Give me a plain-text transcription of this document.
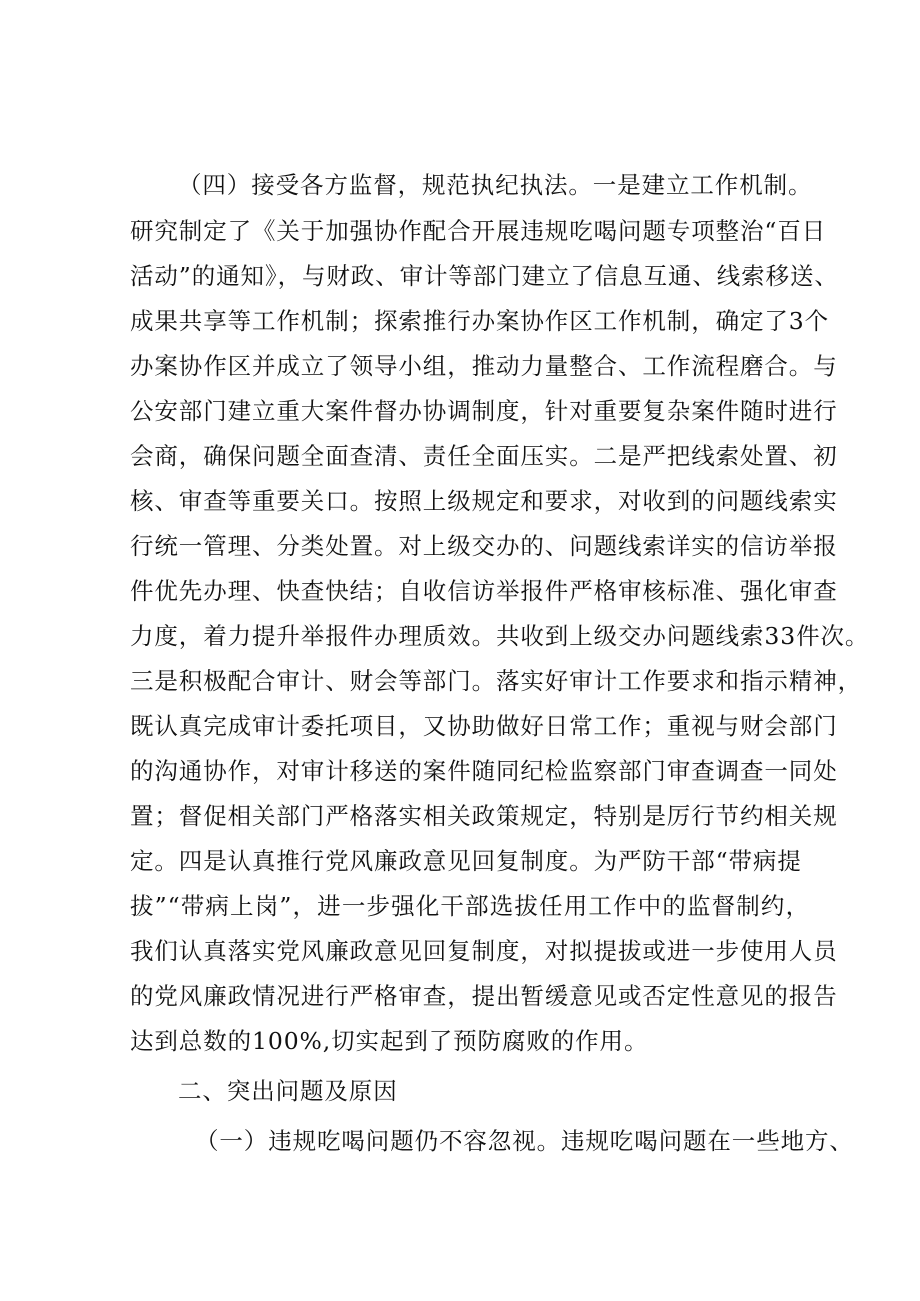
（四）接受各方监督，规范执纪执法。一是建立工作机制。
研究制定了《关于加强协作配合开展违规吃喝问题专项整治“百日
活动”的通知》，与财政、审计等部门建立了信息互通、线索移送、
成果共享等工作机制；探索推行办案协作区工作机制，确定了3个
办案协作区并成立了领导小组，推动力量整合、工作流程磨合。与
公安部门建立重大案件督办协调制度，针对重要复杂案件随时进行
会商，确保问题全面查清、责任全面压实。二是严把线索处置、初
核、审查等重要关口。按照上级规定和要求，对收到的问题线索实
行统一管理、分类处置。对上级交办的、问题线索详实的信访举报
件优先办理、快查快结；自收信访举报件严格审核标准、强化审查
力度，着力提升举报件办理质效。共收到上级交办问题线索33件次。
三是积极配合审计、财会等部门。落实好审计工作要求和指示精神，
既认真完成审计委托项目，又协助做好日常工作；重视与财会部门
的沟通协作，对审计移送的案件随同纪检监察部门审查调查一同处
置；督促相关部门严格落实相关政策规定，特别是厉行节约相关规
定。四是认真推行党风廉政意见回复制度。为严防干部“带病提
拔”“带病上岗”，进一步强化干部选拔任用工作中的监督制约，
我们认真落实党风廉政意见回复制度，对拟提拔或进一步使用人员
的党风廉政情况进行严格审查，提出暂缓意见或否定性意见的报告
达到总数的100%,切实起到了预防腐败的作用。
二、突出问题及原因
（一）违规吃喝问题仍不容忽视。违规吃喝问题在一些地方、
